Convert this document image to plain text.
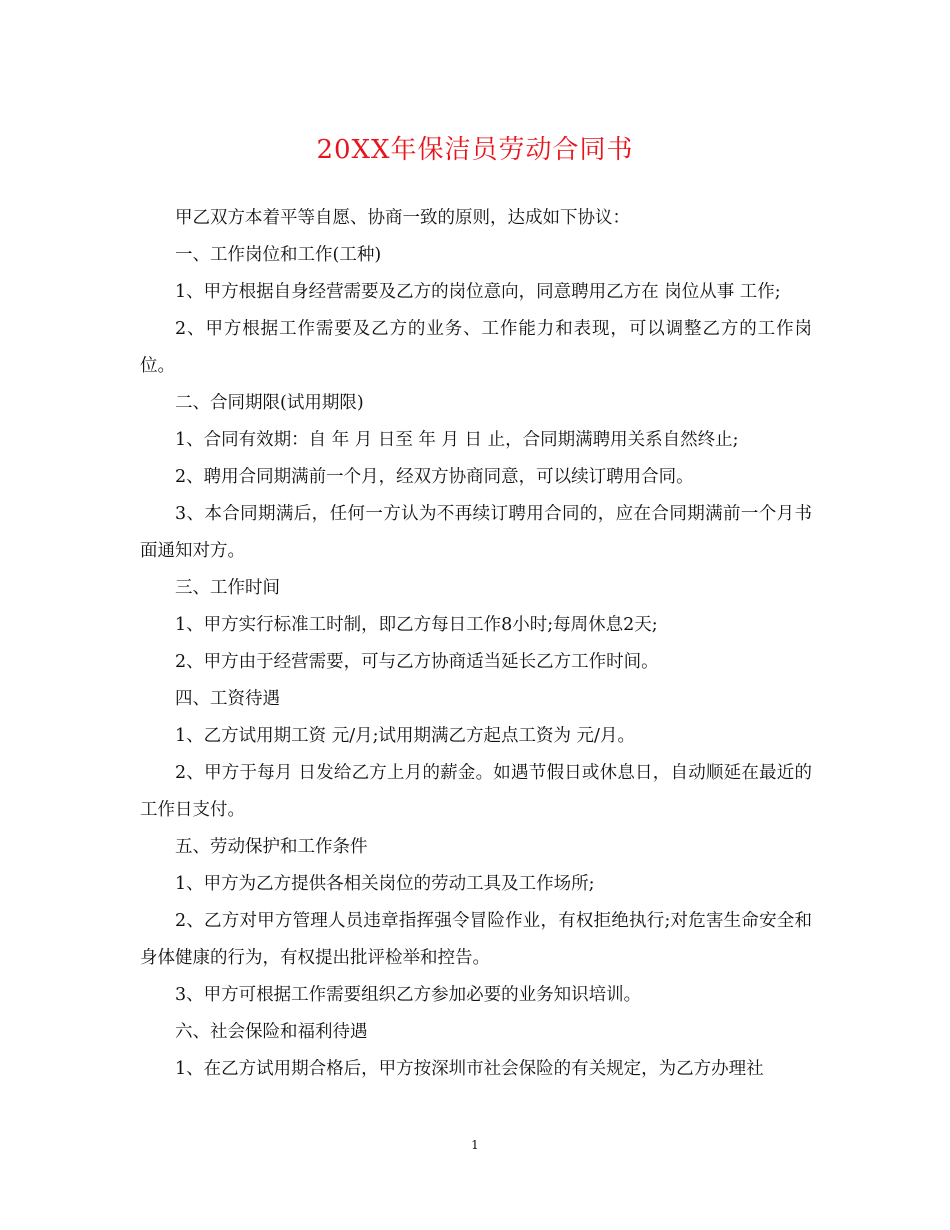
20XX年保洁员劳动合同书

甲乙双方本着平等自愿、协商一致的原则，达成如下协议：

一、工作岗位和工作(工种)

1、甲方根据自身经营需要及乙方的岗位意向，同意聘用乙方在 岗位从事 工作;

2、甲方根据工作需要及乙方的业务、工作能力和表现，可以调整乙方的工作岗位。

二、合同期限(试用期限)

1、合同有效期：自 年 月 日至 年 月 日 止，合同期满聘用关系自然终止;

2、聘用合同期满前一个月，经双方协商同意，可以续订聘用合同。

3、本合同期满后，任何一方认为不再续订聘用合同的，应在合同期满前一个月书面通知对方。

三、工作时间

1、甲方实行标准工时制，即乙方每日工作8小时;每周休息2天;

2、甲方由于经营需要，可与乙方协商适当延长乙方工作时间。

四、工资待遇

1、乙方试用期工资 元/月;试用期满乙方起点工资为 元/月。

2、甲方于每月 日发给乙方上月的薪金。如遇节假日或休息日，自动顺延在最近的工作日支付。

五、劳动保护和工作条件

1、甲方为乙方提供各相关岗位的劳动工具及工作场所;

2、乙方对甲方管理人员违章指挥强令冒险作业，有权拒绝执行;对危害生命安全和身体健康的行为，有权提出批评检举和控告。

3、甲方可根据工作需要组织乙方参加必要的业务知识培训。

六、社会保险和福利待遇

1、在乙方试用期合格后，甲方按深圳市社会保险的有关规定，为乙方办理社

1
